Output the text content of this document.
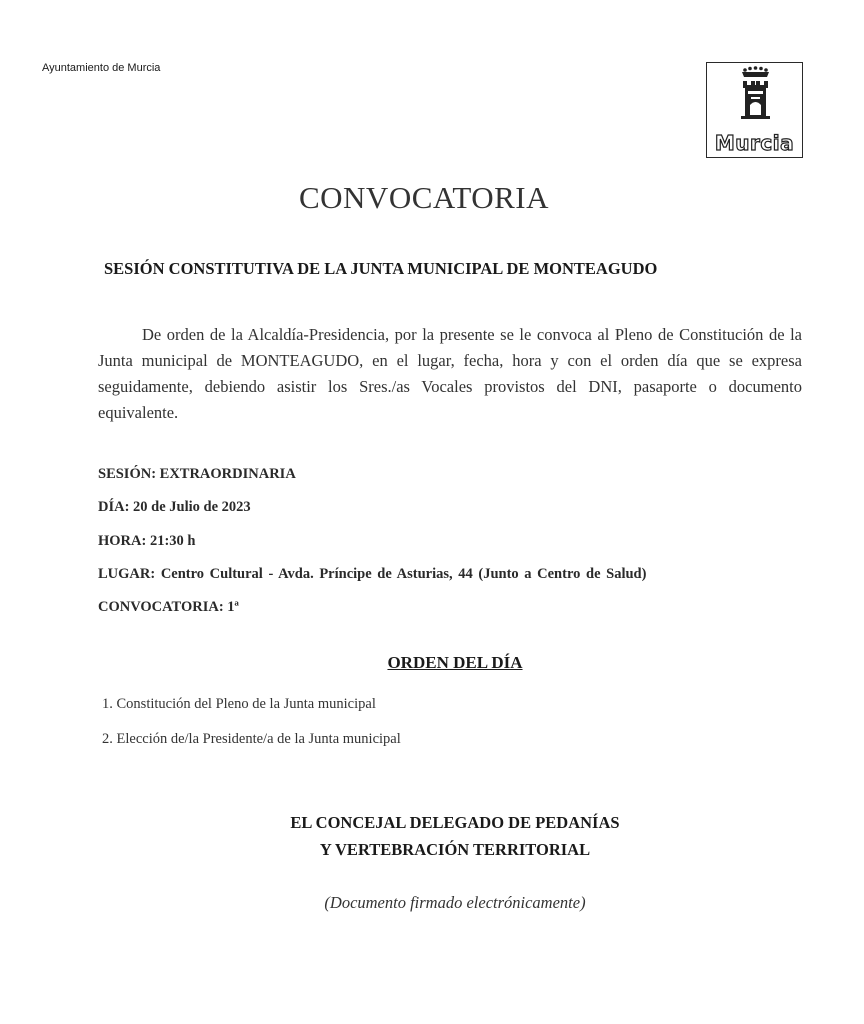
Ayuntamiento de Murcia
Murcia
CONVOCATORIA
SESIÓN CONSTITUTIVA DE LA JUNTA MUNICIPAL DE MONTEAGUDO
De orden de la Alcaldía-Presidencia, por la presente se le convoca al Pleno de Constitución de la Junta municipal de MONTEAGUDO, en el lugar, fecha, hora y con el orden día que se expresa seguidamente, debiendo asistir los Sres./as Vocales provistos del DNI, pasaporte o documento equivalente.
SESIÓN: EXTRAORDINARIA
DÍA: 20 de Julio de 2023
HORA: 21:30 h
LUGAR: Centro Cultural - Avda. Príncipe de Asturias, 44 (Junto a Centro de Salud)
CONVOCATORIA: 1ª
ORDEN DEL DÍA
1. Constitución del Pleno de la Junta municipal
2. Elección de/la Presidente/a de la Junta municipal
EL CONCEJAL DELEGADO DE PEDANÍAS
Y VERTEBRACIÓN TERRITORIAL
(Documento firmado electrónicamente)
